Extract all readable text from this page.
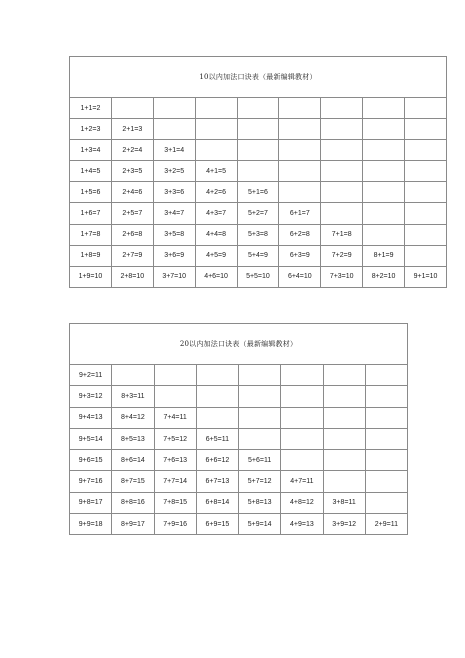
10以内加法口诀表（最新编辑教材）								
1+1=2								
1+2=3	2+1=3							
1+3=4	2+2=4	3+1=4						
1+4=5	2+3=5	3+2=5	4+1=5					
1+5=6	2+4=6	3+3=6	4+2=6	5+1=6				
1+6=7	2+5=7	3+4=7	4+3=7	5+2=7	6+1=7			
1+7=8	2+6=8	3+5=8	4+4=8	5+3=8	6+2=8	7+1=8		
1+8=9	2+7=9	3+6=9	4+5=9	5+4=9	6+3=9	7+2=9	8+1=9	
1+9=10	2+8=10	3+7=10	4+6=10	5+5=10	6+4=10	7+3=10	8+2=10	9+1=10
20以内加法口诀表（最新编辑教材）							
9+2=11							
9+3=12	8+3=11						
9+4=13	8+4=12	7+4=11					
9+5=14	8+5=13	7+5=12	6+5=11				
9+6=15	8+6=14	7+6=13	6+6=12	5+6=11			
9+7=16	8+7=15	7+7=14	6+7=13	5+7=12	4+7=11		
9+8=17	8+8=16	7+8=15	6+8=14	5+8=13	4+8=12	3+8=11	
9+9=18	8+9=17	7+9=16	6+9=15	5+9=14	4+9=13	3+9=12	2+9=11
